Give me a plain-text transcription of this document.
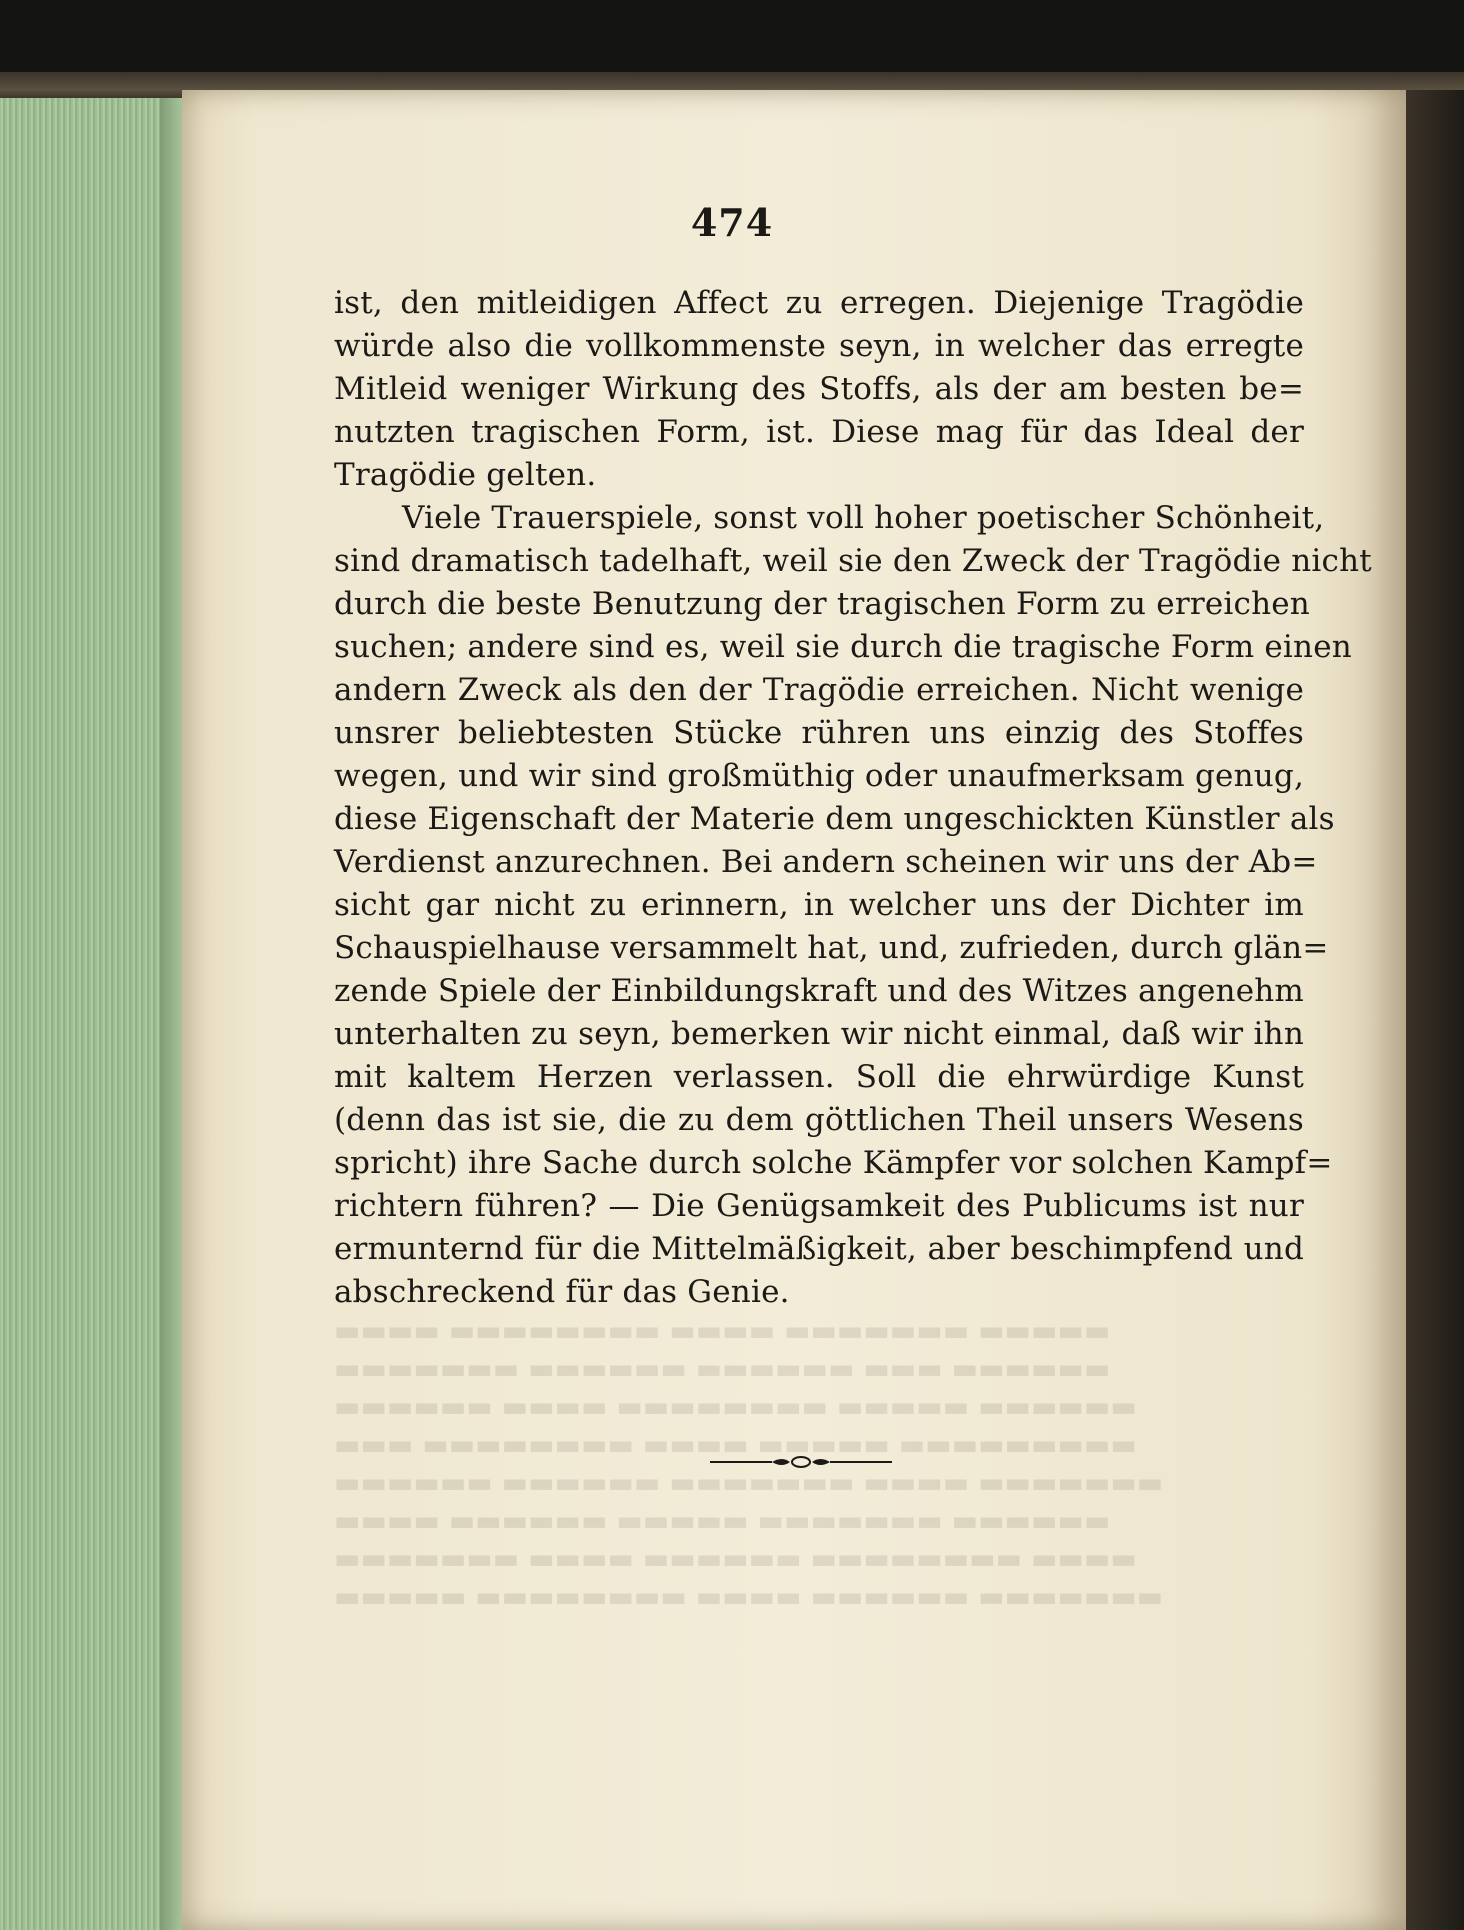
474
ist, den mitleidigen Affect zu erregen. Diejenige Tragödie
würde also die vollkommenste seyn, in welcher das erregte
Mitleid weniger Wirkung des Stoffs, als der am besten be=
nutzten tragischen Form, ist. Diese mag für das Ideal der
Tragödie gelten.
Viele Trauerspiele, sonst voll hoher poetischer Schönheit,
sind dramatisch tadelhaft, weil sie den Zweck der Tragödie nicht
durch die beste Benutzung der tragischen Form zu erreichen
suchen; andere sind es, weil sie durch die tragische Form einen
andern Zweck als den der Tragödie erreichen. Nicht wenige
unsrer beliebtesten Stücke rühren uns einzig des Stoffes
wegen, und wir sind großmüthig oder unaufmerksam genug,
diese Eigenschaft der Materie dem ungeschickten Künstler als
Verdienst anzurechnen. Bei andern scheinen wir uns der Ab=
sicht gar nicht zu erinnern, in welcher uns der Dichter im
Schauspielhause versammelt hat, und, zufrieden, durch glän=
zende Spiele der Einbildungskraft und des Witzes angenehm
unterhalten zu seyn, bemerken wir nicht einmal, daß wir ihn
mit kaltem Herzen verlassen. Soll die ehrwürdige Kunst
(denn das ist sie, die zu dem göttlichen Theil unsers Wesens
spricht) ihre Sache durch solche Kämpfer vor solchen Kampf=
richtern führen? — Die Genügsamkeit des Publicums ist nur
ermunternd für die Mittelmäßigkeit, aber beschimpfend und
abschreckend für das Genie.
▬▬▬▬ ▬▬▬▬▬▬▬▬ ▬▬▬▬ ▬▬▬▬▬▬▬ ▬▬▬▬▬
▬▬▬▬▬▬▬ ▬▬▬▬▬▬ ▬▬▬▬▬▬ ▬▬▬ ▬▬▬▬▬▬
▬▬▬▬▬▬ ▬▬▬▬ ▬▬▬▬▬▬▬▬ ▬▬▬▬▬ ▬▬▬▬▬▬
▬▬▬ ▬▬▬▬▬▬▬▬ ▬▬▬▬ ▬▬▬▬▬ ▬▬▬▬▬▬▬▬▬
▬▬▬▬▬▬ ▬▬▬▬▬▬ ▬▬▬▬▬▬▬ ▬▬▬▬ ▬▬▬▬▬▬▬
▬▬▬▬ ▬▬▬▬▬▬ ▬▬▬▬▬ ▬▬▬▬▬▬▬ ▬▬▬▬▬▬
▬▬▬▬▬▬▬ ▬▬▬▬ ▬▬▬▬▬▬ ▬▬▬▬▬▬▬▬ ▬▬▬▬
▬▬▬▬▬ ▬▬▬▬▬▬▬▬ ▬▬▬▬ ▬▬▬▬▬▬ ▬▬▬▬▬▬▬
